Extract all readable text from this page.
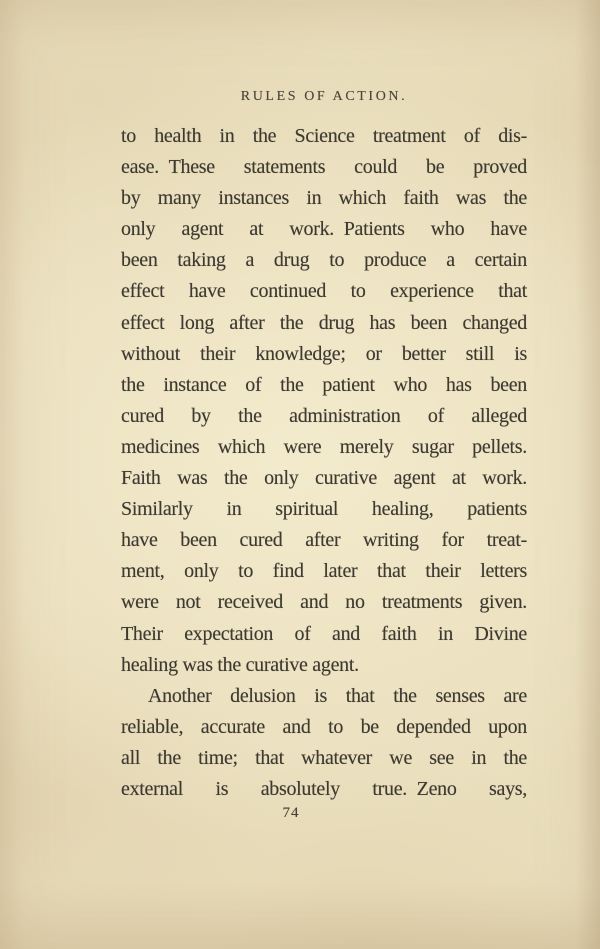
RULES OF ACTION.
to health in the Science treatment of dis-
ease. These statements could be proved
by many instances in which faith was the
only agent at work. Patients who have
been taking a drug to produce a certain
effect have continued to experience that
effect long after the drug has been changed
without their knowledge; or better still is
the instance of the patient who has been
cured by the administration of alleged
medicines which were merely sugar pellets.
Faith was the only curative agent at work.
Similarly in spiritual healing, patients
have been cured after writing for treat-
ment, only to find later that their letters
were not received and no treatments given.
Their expectation of and faith in Divine
healing was the curative agent.
Another delusion is that the senses are
reliable, accurate and to be depended upon
all the time; that whatever we see in the
external is absolutely true. Zeno says,
74
